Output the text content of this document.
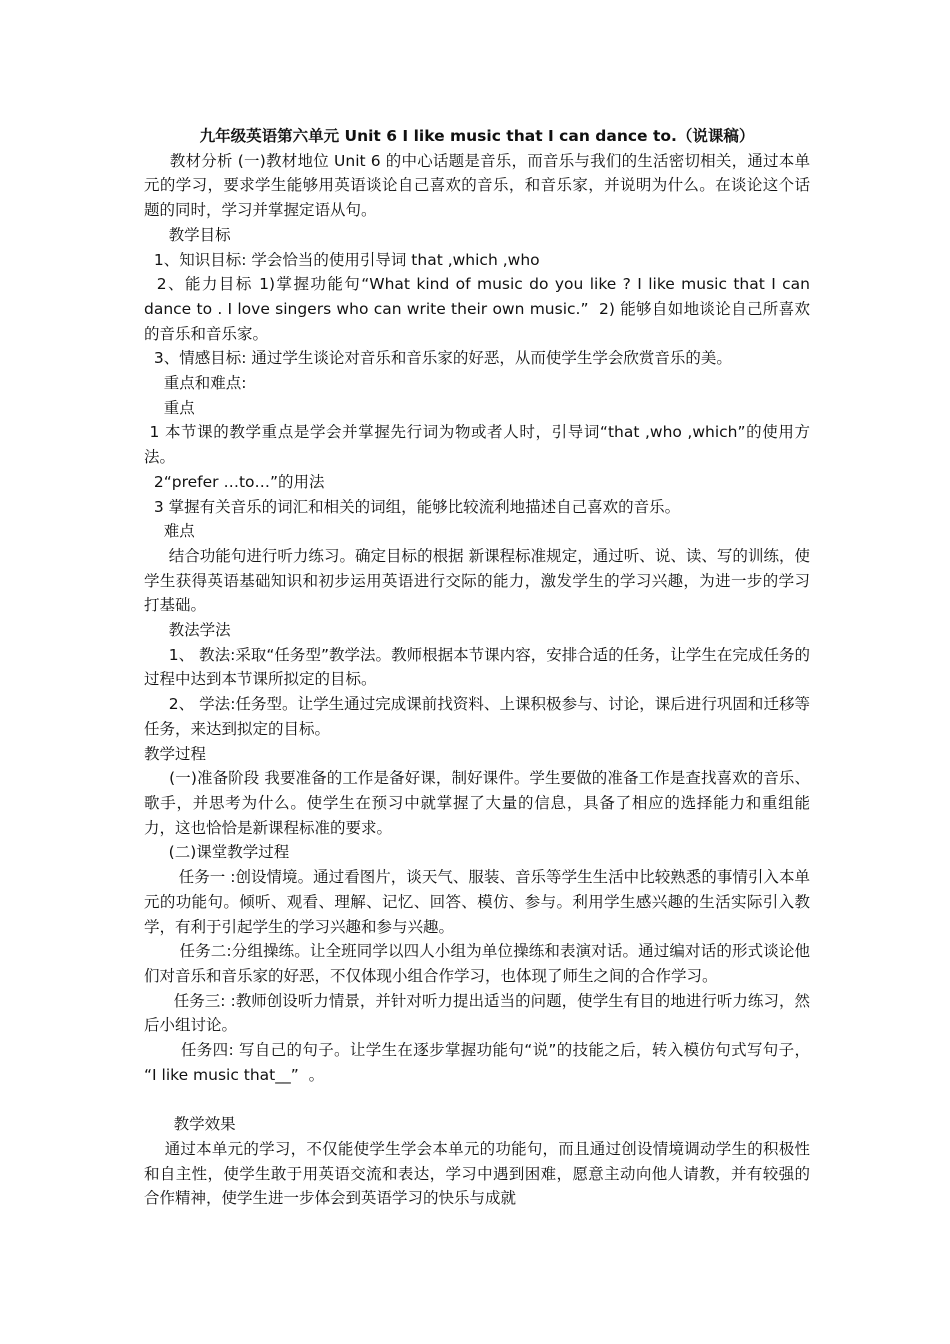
九年级英语第六单元 Unit 6 I like music that I can dance to.（说课稿）

教材分析 (一)教材地位 Unit 6 的中心话题是音乐，而音乐与我们的生活密切相关，通过本单元的学习，要求学生能够用英语谈论自己喜欢的音乐，和音乐家，并说明为什么。在谈论这个话题的同时，学习并掌握定语从句。

教学目标

1、知识目标: 学会恰当的使用引导词 that ,which ,who

2、能力目标 1)掌握功能句“What kind of music do you like ? I like music that I can dance to . I love singers who can write their own music.”  2) 能够自如地谈论自己所喜欢的音乐和音乐家。

3、情感目标: 通过学生谈论对音乐和音乐家的好恶，从而使学生学会欣赏音乐的美。

重点和难点:

重点

1 本节课的教学重点是学会并掌握先行词为物或者人时，引导词“that ,who ,which”的使用方法。

2“prefer …to…”的用法

3 掌握有关音乐的词汇和相关的词组，能够比较流利地描述自己喜欢的音乐。

难点

结合功能句进行听力练习。确定目标的根据 新课程标准规定，通过听、说、读、写的训练，使学生获得英语基础知识和初步运用英语进行交际的能力，激发学生的学习兴趣，为进一步的学习打基础。

教法学法

1、 教法:采取“任务型”教学法。教师根据本节课内容，安排合适的任务，让学生在完成任务的过程中达到本节课所拟定的目标。

2、 学法:任务型。让学生通过完成课前找资料、上课积极参与、讨论，课后进行巩固和迁移等任务，来达到拟定的目标。

教学过程

(一)准备阶段 我要准备的工作是备好课，制好课件。学生要做的准备工作是查找喜欢的音乐、歌手，并思考为什么。使学生在预习中就掌握了大量的信息，具备了相应的选择能力和重组能力，这也恰恰是新课程标准的要求。

(二)课堂教学过程

任务一 :创设情境。通过看图片，谈天气、服装、音乐等学生生活中比较熟悉的事情引入本单元的功能句。倾听、观看、理解、记忆、回答、模仿、参与。利用学生感兴趣的生活实际引入教学，有利于引起学生的学习兴趣和参与兴趣。

任务二:分组操练。让全班同学以四人小组为单位操练和表演对话。通过编对话的形式谈论他们对音乐和音乐家的好恶，不仅体现小组合作学习，也体现了师生之间的合作学习。

任务三: :教师创设听力情景，并针对听力提出适当的问题，使学生有目的地进行听力练习，然后小组讨论。

任务四: 写自己的句子。让学生在逐步掌握功能句“说”的技能之后，转入模仿句式写句子，  “I like music that__”  。

教学效果

通过本单元的学习，不仅能使学生学会本单元的功能句，而且通过创设情境调动学生的积极性和自主性，使学生敢于用英语交流和表达，学习中遇到困难，愿意主动向他人请教，并有较强的合作精神，使学生进一步体会到英语学习的快乐与成就
